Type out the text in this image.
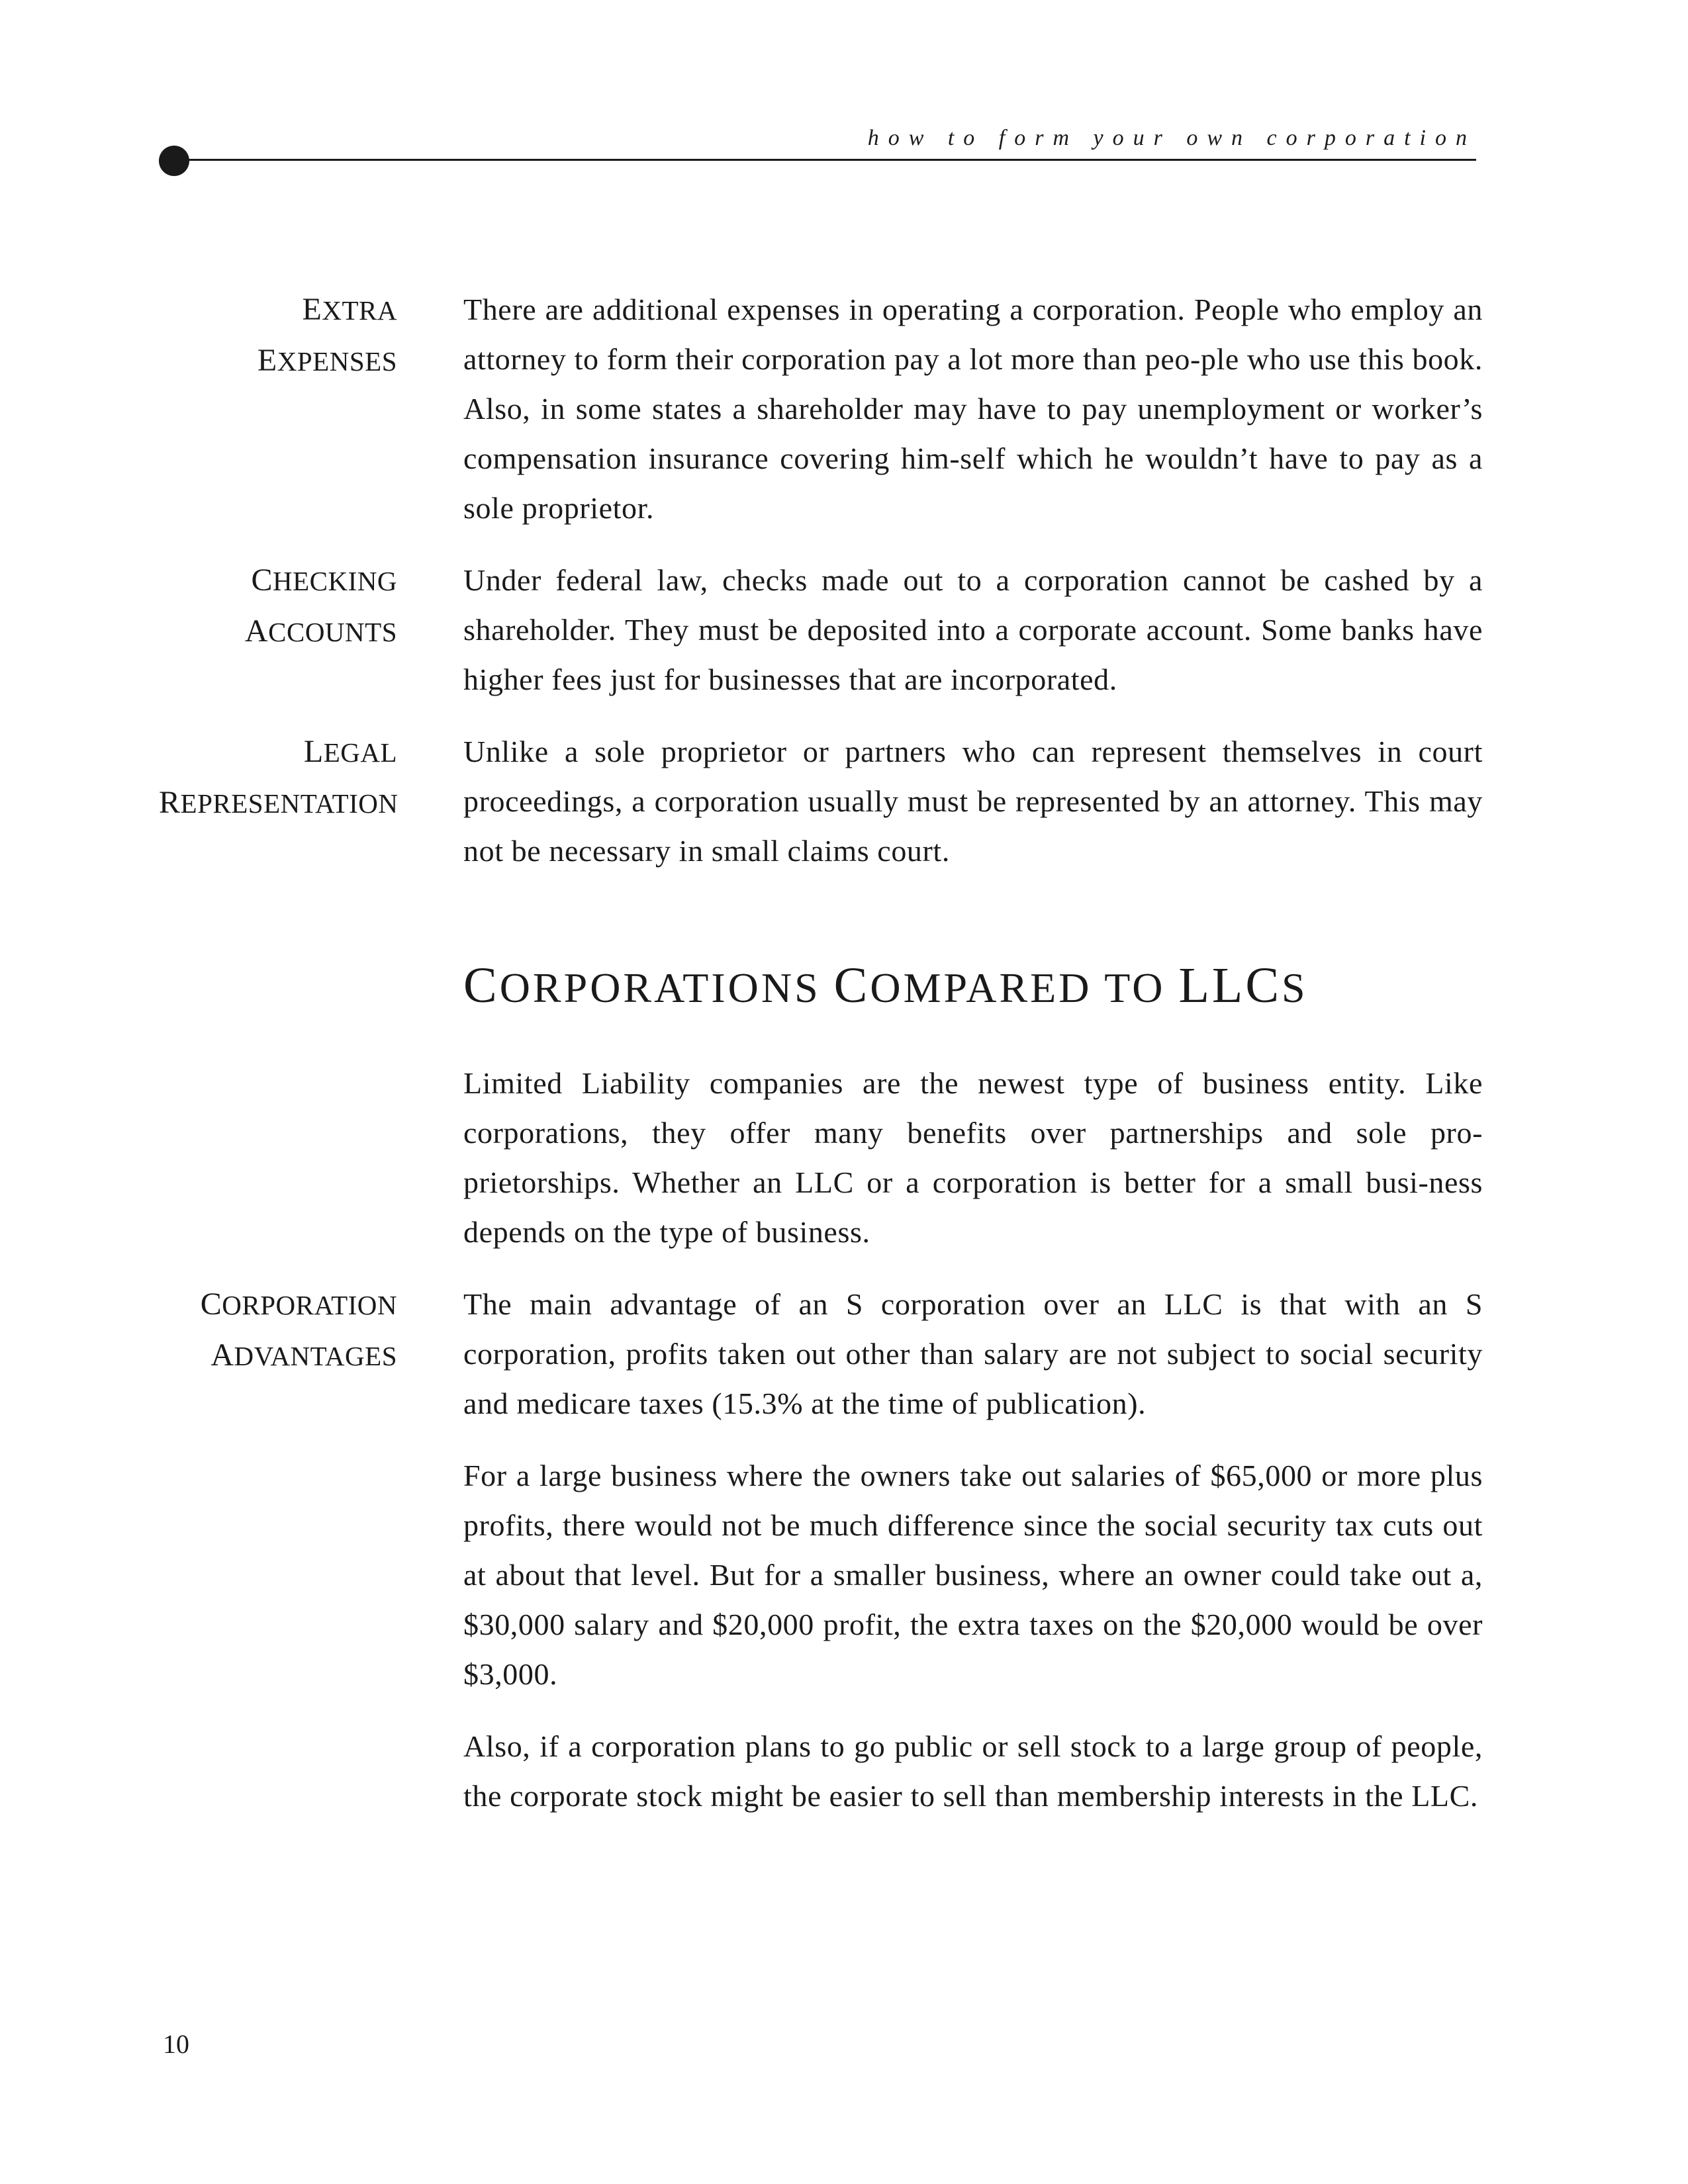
how to form your own corporation
EXTRA
EXPENSES

There are additional expenses in operating a corporation. People who employ an attorney to form their corporation pay a lot more than peo-ple who use this book. Also, in some states a shareholder may have to pay unemployment or worker’s compensation insurance covering him-self which he wouldn’t have to pay as a sole proprietor.

CHECKING
ACCOUNTS

Under federal law, checks made out to a corporation cannot be cashed by a shareholder. They must be deposited into a corporate account. Some banks have higher fees just for businesses that are incorporated.

LEGAL
REPRESENTATION

Unlike a sole proprietor or partners who can represent themselves in court proceedings, a corporation usually must be represented by an attorney. This may not be necessary in small claims court.

CORPORATIONS COMPARED TO LLCS

Limited Liability companies are the newest type of business entity. Like corporations, they offer many benefits over partnerships and sole pro-prietorships. Whether an LLC or a corporation is better for a small busi-ness depends on the type of business.

CORPORATION
ADVANTAGES

The main advantage of an S corporation over an LLC is that with an S corporation, profits taken out other than salary are not subject to social security and medicare taxes (15.3% at the time of publication).

For a large business where the owners take out salaries of $65,000 or more plus profits, there would not be much difference since the social security tax cuts out at about that level. But for a smaller business, where an owner could take out a, $30,000 salary and $20,000 profit, the extra taxes on the $20,000 would be over $3,000.

Also, if a corporation plans to go public or sell stock to a large group of people, the corporate stock might be easier to sell than membership interests in the LLC.

10
